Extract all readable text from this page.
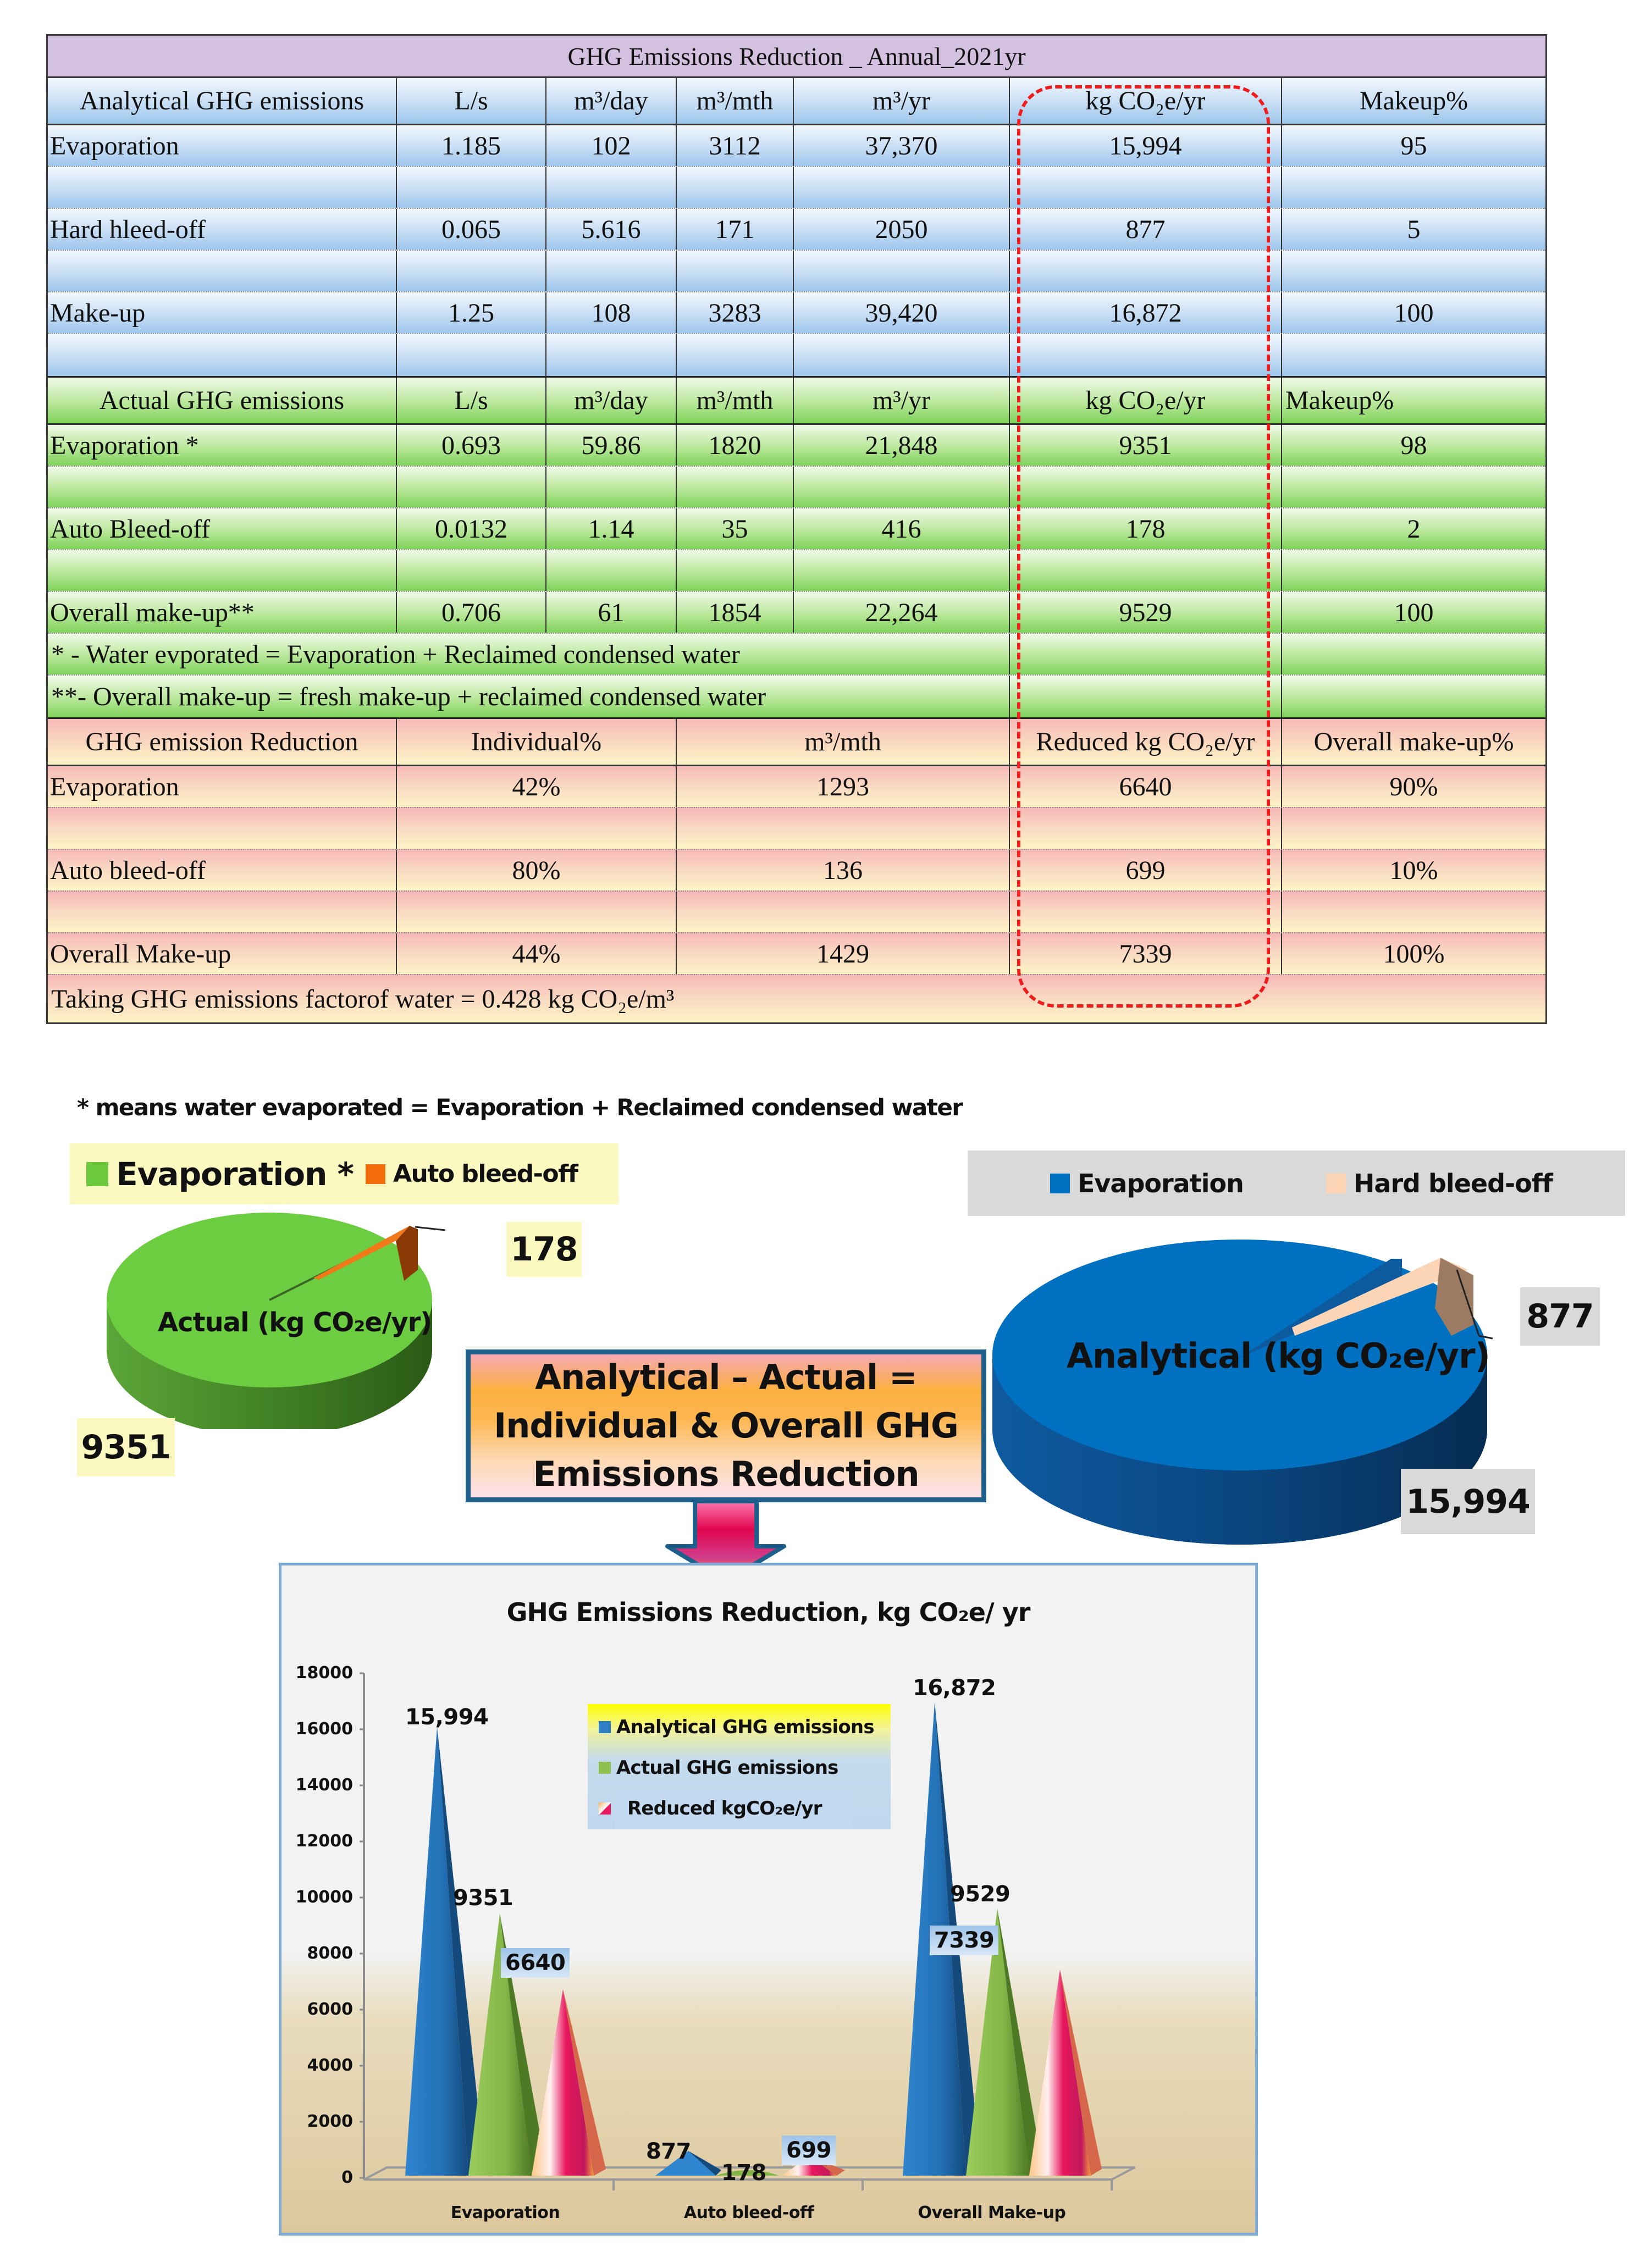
GHG Emissions Reduction _ Annual_2021yr
Analytical GHG emissions	L/s	m³/day	m³/mth	m³/yr	kg CO₂e/yr	Makeup%
Evaporation	1.185	102	3112	37,370	15,994	95
Hard hleed-off	0.065	5.616	171	2050	877	5
Make-up	1.25	108	3283	39,420	16,872	100
Actual GHG emissions	L/s	m³/day	m³/mth	m³/yr	kg CO₂e/yr	Makeup%
Evaporation *	0.693	59.86	1820	21,848	9351	98
Auto Bleed-off	0.0132	1.14	35	416	178	2
Overall make-up**	0.706	61	1854	22,264	9529	100
* - Water evporated = Evaporation + Reclaimed condensed water
**- Overall make-up = fresh make-up + reclaimed condensed water
GHG emission Reduction	Individual%	m³/mth	Reduced kg CO₂e/yr	Overall make-up%
Evaporation	42%	1293	6640	90%
Auto bleed-off	80%	136	699	10%
Overall Make-up	44%	1429	7339	100%
Taking GHG emissions factorof water = 0.428 kg CO₂e/m³
* means water evaporated = Evaporation + Reclaimed condensed water
Evaporation * Auto bleed-off	Evaporation	Hard bleed-off
Actual (kg CO₂e/yr)
178
9351
Analytical (kg CO₂e/yr)
877
15,994
Analytical – Actual =
Individual & Overall GHG
Emissions Reduction
GHG Emissions Reduction, kg CO₂e/ yr
18000
16000
14000
12000
10000
8000
6000
4000
2000
0
15,994
16,872
877
9351
178
9529
6640
699
7339
Analytical GHG emissions
Actual GHG emissions
Reduced kgCO₂e/yr
Evaporation	Auto bleed-off	Overall Make-up
